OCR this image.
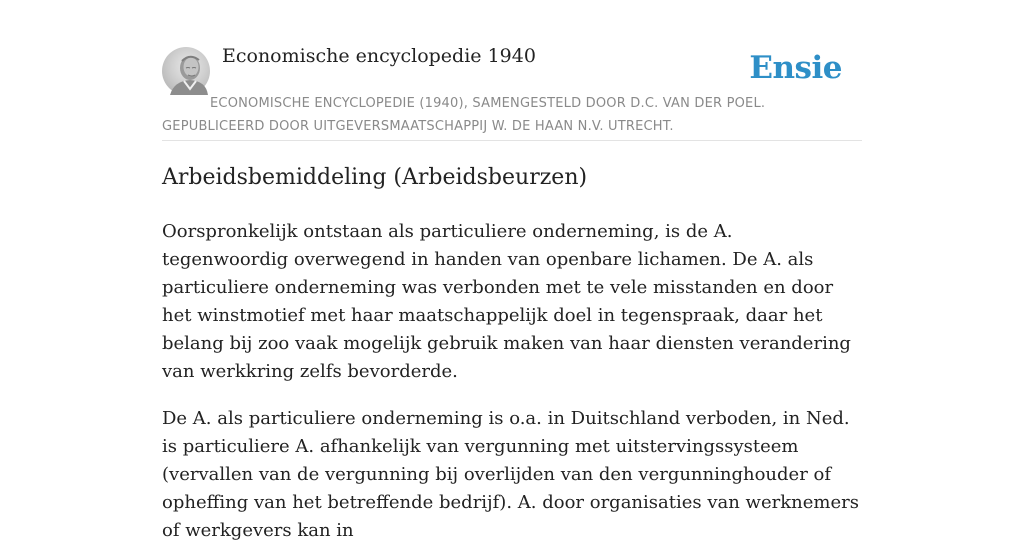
Economische encyclopedie 1940	Ensie
ECONOMISCHE ENCYCLOPEDIE (1940), SAMENGESTELD DOOR D.C. VAN DER POEL. GEPUBLICEERD DOOR UITGEVERSMAATSCHAPPIJ W. DE HAAN N.V. UTRECHT.
Arbeidsbemiddeling (Arbeidsbeurzen)

Oorspronkelijk ontstaan als particuliere onderneming, is de A. tegenwoordig overwegend in handen van openbare lichamen. De A. als particuliere onderneming was verbonden met te vele misstanden en door het winstmotief met haar maatschappelijk doel in tegenspraak, daar het belang bij zoo vaak mogelijk gebruik maken van haar diensten verandering van werkkring zelfs bevorderde.

De A. als particuliere onderneming is o.a. in Duitschland verboden, in Ned. is particuliere A. afhankelijk van vergunning met uitstervingssysteem (vervallen van de vergunning bij overlijden van den vergunninghouder of opheffing van het betreffende bedrijf). A. door organisaties van werknemers of werkgevers kan in
